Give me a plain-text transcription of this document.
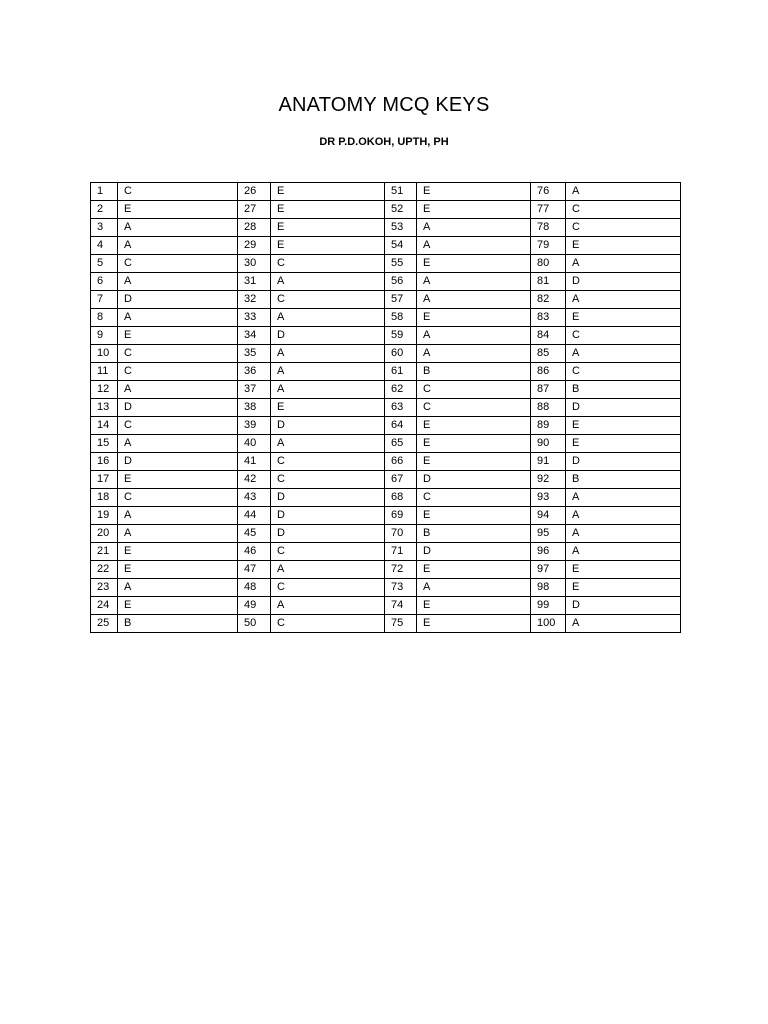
ANATOMY MCQ KEYS
DR P.D.OKOH, UPTH, PH
1	C	26	E	51	E	76	A
2	E	27	E	52	E	77	C
3	A	28	E	53	A	78	C
4	A	29	E	54	A	79	E
5	C	30	C	55	E	80	A
6	A	31	A	56	A	81	D
7	D	32	C	57	A	82	A
8	A	33	A	58	E	83	E
9	E	34	D	59	A	84	C
10	C	35	A	60	A	85	A
11	C	36	A	61	B	86	C
12	A	37	A	62	C	87	B
13	D	38	E	63	C	88	D
14	C	39	D	64	E	89	E
15	A	40	A	65	E	90	E
16	D	41	C	66	E	91	D
17	E	42	C	67	D	92	B
18	C	43	D	68	C	93	A
19	A	44	D	69	E	94	A
20	A	45	D	70	B	95	A
21	E	46	C	71	D	96	A
22	E	47	A	72	E	97	E
23	A	48	C	73	A	98	E
24	E	49	A	74	E	99	D
25	B	50	C	75	E	100	A
